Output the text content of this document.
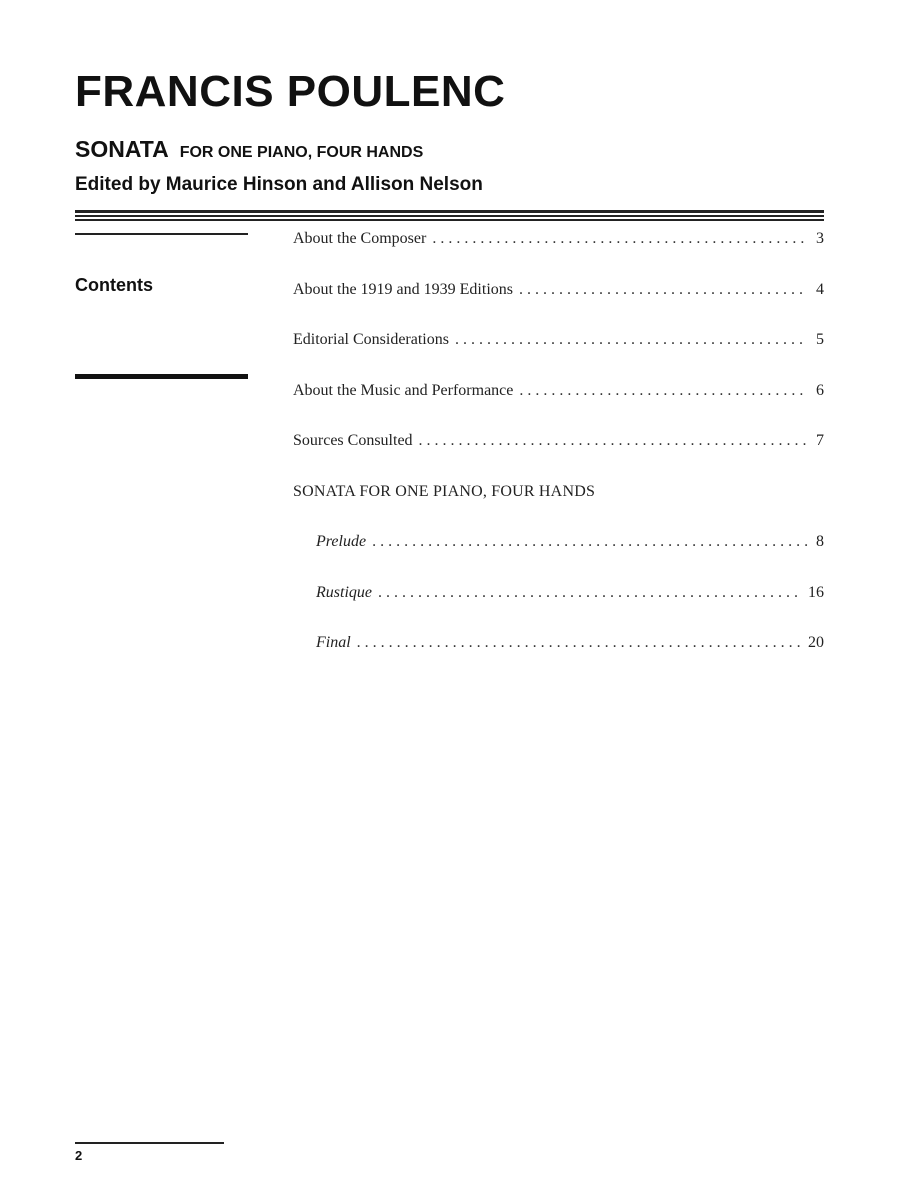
FRANCIS POULENC
SONATA FOR ONE PIANO, FOUR HANDS
Edited by Maurice Hinson and Allison Nelson
Contents
About the Composer . . .	3
About the 1919 and 1939 Editions . . .	4
Editorial Considerations . . .	5
About the Music and Performance . . .	6
Sources Consulted . . .	7
SONATA FOR ONE PIANO, FOUR HANDS
Prelude . . .	8
Rustique . . .	16
Final . . .	20
2
